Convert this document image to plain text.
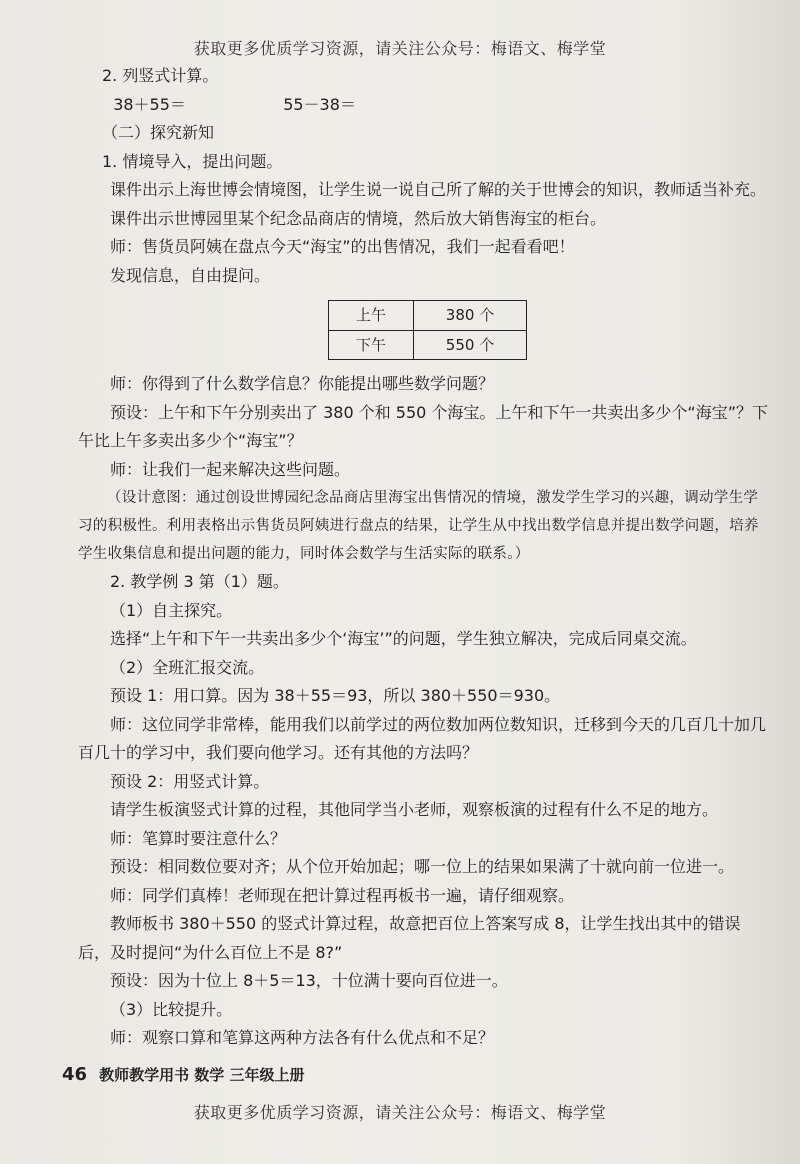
获取更多优质学习资源，请关注公众号：梅语文、梅学堂

2. 列竖式计算。

38＋55＝	55－38＝

（二）探究新知

1. 情境导入，提出问题。

课件出示上海世博会情境图，让学生说一说自己所了解的关于世博会的知识，教师适当补充。

课件出示世博园里某个纪念品商店的情境，然后放大销售海宝的柜台。

师：售货员阿姨在盘点今天“海宝”的出售情况，我们一起看看吧！

发现信息，自由提问。

上午	380 个
下午	550 个

师：你得到了什么数学信息？你能提出哪些数学问题？

预设：上午和下午分别卖出了 380 个和 550 个海宝。上午和下午一共卖出多少个“海宝”？下午比上午多卖出多少个“海宝”？

师：让我们一起来解决这些问题。

（设计意图：通过创设世博园纪念品商店里海宝出售情况的情境，激发学生学习的兴趣，调动学生学习的积极性。利用表格出示售货员阿姨进行盘点的结果，让学生从中找出数学信息并提出数学问题，培养学生收集信息和提出问题的能力，同时体会数学与生活实际的联系。）

2. 教学例 3 第（1）题。

（1）自主探究。

选择“上午和下午一共卖出多少个‘海宝’”的问题，学生独立解决，完成后同桌交流。

（2）全班汇报交流。

预设 1：用口算。因为 38＋55＝93，所以 380＋550＝930。

师：这位同学非常棒，能用我们以前学过的两位数加两位数知识，迁移到今天的几百几十加几百几十的学习中，我们要向他学习。还有其他的方法吗？

预设 2：用竖式计算。

请学生板演竖式计算的过程，其他同学当小老师，观察板演的过程有什么不足的地方。

师：笔算时要注意什么？

预设：相同数位要对齐；从个位开始加起；哪一位上的结果如果满了十就向前一位进一。

师：同学们真棒！老师现在把计算过程再板书一遍，请仔细观察。

教师板书 380＋550 的竖式计算过程，故意把百位上答案写成 8，让学生找出其中的错误后，及时提问“为什么百位上不是 8?”

预设：因为十位上 8＋5＝13，十位满十要向百位进一。

（3）比较提升。

师：观察口算和笔算这两种方法各有什么优点和不足？

46 教师教学用书 数学 三年级上册
获取更多优质学习资源，请关注公众号：梅语文、梅学堂
